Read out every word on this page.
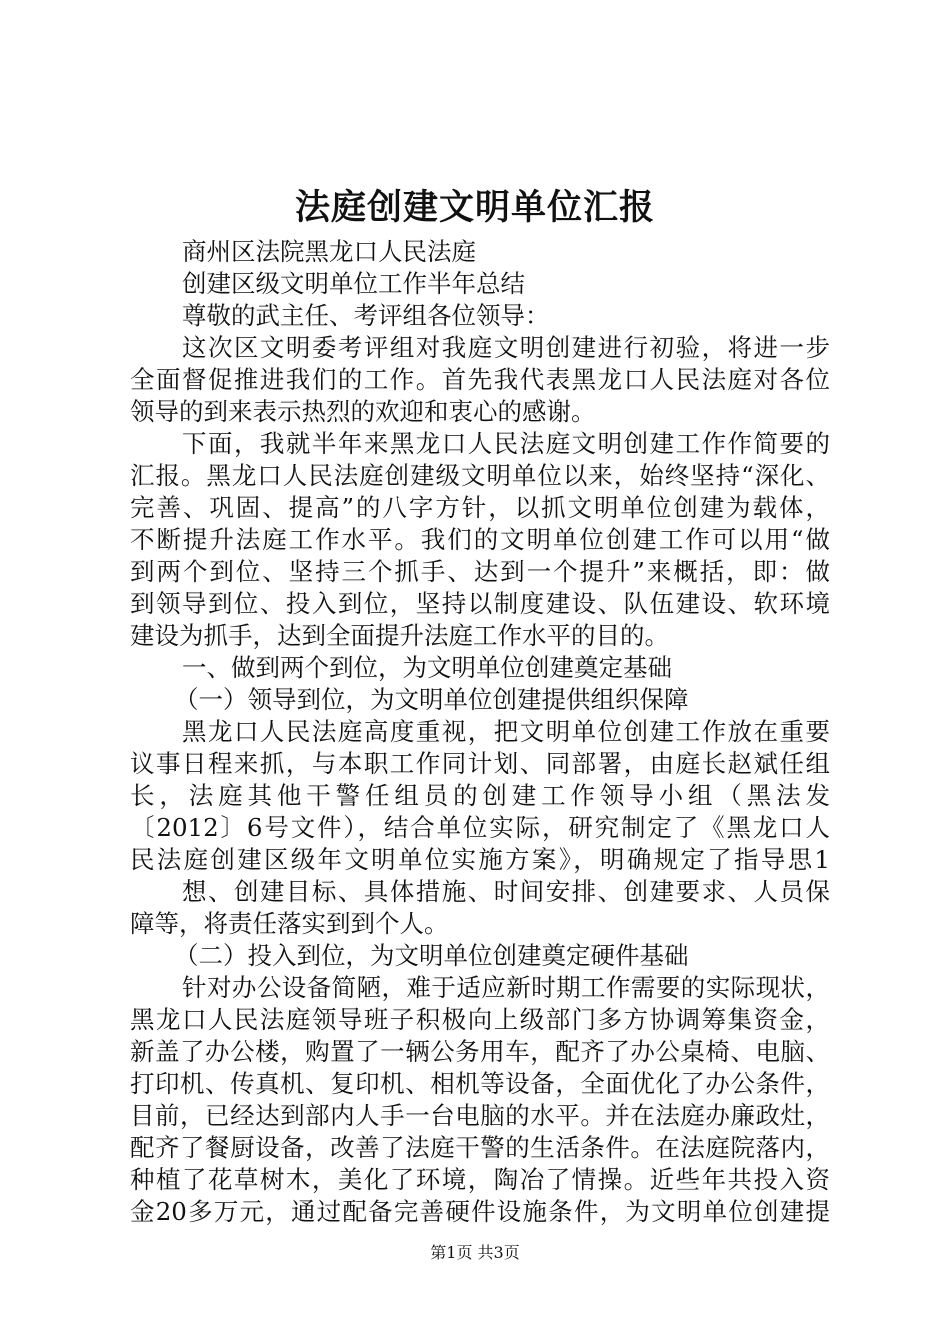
法庭创建文明单位汇报
商州区法院黑龙口人民法庭
创建区级文明单位工作半年总结
尊敬的武主任、考评组各位领导：
这次区文明委考评组对我庭文明创建进行初验，将进一步
全面督促推进我们的工作。首先我代表黑龙口人民法庭对各位
领导的到来表示热烈的欢迎和衷心的感谢。
下面，我就半年来黑龙口人民法庭文明创建工作作简要的
汇报。黑龙口人民法庭创建级文明单位以来，始终坚持“深化、
完善、巩固、提高”的八字方针，以抓文明单位创建为载体，
不断提升法庭工作水平。我们的文明单位创建工作可以用“做
到两个到位、坚持三个抓手、达到一个提升”来概括，即：做
到领导到位、投入到位，坚持以制度建设、队伍建设、软环境
建设为抓手，达到全面提升法庭工作水平的目的。
一、做到两个到位，为文明单位创建奠定基础
（一）领导到位，为文明单位创建提供组织保障
黑龙口人民法庭高度重视，把文明单位创建工作放在重要
议事日程来抓，与本职工作同计划、同部署，由庭长赵斌任组
长，法庭其他干警任组员的创建工作领导小组（黑法发
〔2012〕6号文件），结合单位实际，研究制定了《黑龙口人
民法庭创建区级年文明单位实施方案》，明确规定了指导思1
想、创建目标、具体措施、时间安排、创建要求、人员保
障等，将责任落实到到个人。
（二）投入到位，为文明单位创建奠定硬件基础
针对办公设备简陋，难于适应新时期工作需要的实际现状，
黑龙口人民法庭领导班子积极向上级部门多方协调筹集资金，
新盖了办公楼，购置了一辆公务用车，配齐了办公桌椅、电脑、
打印机、传真机、复印机、相机等设备，全面优化了办公条件，
目前，已经达到部内人手一台电脑的水平。并在法庭办廉政灶，
配齐了餐厨设备，改善了法庭干警的生活条件。在法庭院落内，
种植了花草树木，美化了环境，陶冶了情操。近些年共投入资
金20多万元，通过配备完善硬件设施条件，为文明单位创建提
第1页 共3页
